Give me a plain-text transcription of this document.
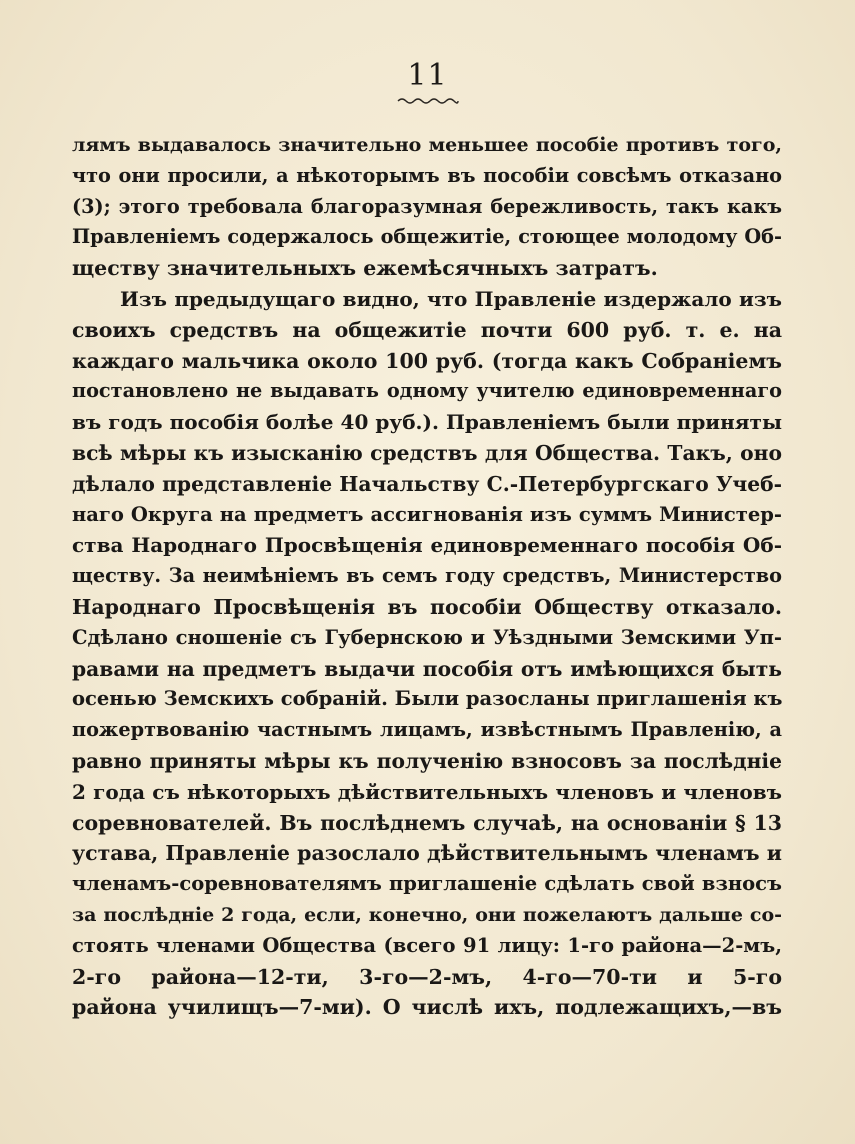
11
лямъ выдавалось значительно меньшее пособіе противъ того,
что они просили, а нѣкоторымъ въ пособіи совсѣмъ отказано
(3); этого требовала благоразумная бережливость, такъ какъ
Правленіемъ содержалось общежитіе, стоющее молодому Об-
ществу значительныхъ ежемѣсячныхъ затратъ.
Изъ предыдущаго видно, что Правленіе издержало изъ
своихъ средствъ на общежитіе почти 600 руб. т. е. на
каждаго мальчика около 100 руб. (тогда какъ Собраніемъ
постановлено не выдавать одному учителю единовременнаго
въ годъ пособія болѣе 40 руб.). Правленіемъ были приняты
всѣ мѣры къ изысканію средствъ для Общества. Такъ, оно
дѣлало представленіе Начальству С.-Петербургскаго Учеб-
наго Округа на предметъ ассигнованія изъ суммъ Министер-
ства Народнаго Просвѣщенія единовременнаго пособія Об-
ществу. За неимѣніемъ въ семъ году средствъ, Министерство
Народнаго Просвѣщенія въ пособіи Обществу отказало.
Сдѣлано сношеніе съ Губернскою и Уѣздными Земскими Уп-
равами на предметъ выдачи пособія отъ имѣющихся быть
осенью Земскихъ собраній. Были разосланы приглашенія къ
пожертвованію частнымъ лицамъ, извѣстнымъ Правленію, а
равно приняты мѣры къ полученію взносовъ за послѣдніе
2 года съ нѣкоторыхъ дѣйствительныхъ членовъ и членовъ
соревнователей. Въ послѣднемъ случаѣ, на основаніи § 13
устава, Правленіе разослало дѣйствительнымъ членамъ и
членамъ-соревнователямъ приглашеніе сдѣлать свой взносъ
за послѣдніе 2 года, если, конечно, они пожелаютъ дальше со-
стоять членами Общества (всего 91 лицу: 1-го района—2-мъ,
2-го района—12-ти, 3-го—2-мъ, 4-го—70-ти и 5-го
района училищъ—7-ми). О числѣ ихъ, подлежащихъ,—въ
